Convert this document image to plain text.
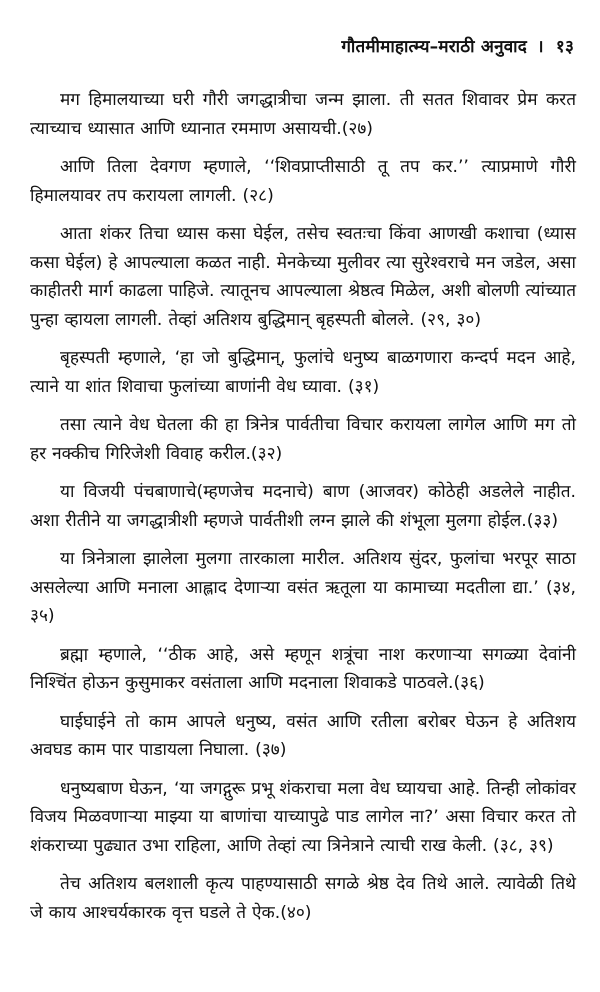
गौतमीमाहात्म्य–मराठी अनुवाद । १३

मग हिमालयाच्या घरी गौरी जगद्धात्रीचा जन्म झाला. ती सतत शिवावर प्रेम करत त्याच्याच ध्यासात आणि ध्यानात रममाण असायची.(२७)

आणि तिला देवगण म्हणाले, ‘‘शिवप्राप्तीसाठी तू तप कर.’’ त्याप्रमाणे गौरी हिमालयावर तप करायला लागली. (२८)

आता शंकर तिचा ध्यास कसा घेईल, तसेच स्वतःचा किंवा आणखी कशाचा (ध्यास कसा घेईल) हे आपल्याला कळत नाही. मेनकेच्या मुलीवर त्या सुरेश्वराचे मन जडेल, असा काहीतरी मार्ग काढला पाहिजे. त्यातूनच आपल्याला श्रेष्ठत्व मिळेल, अशी बोलणी त्यांच्यात पुन्हा व्हायला लागली. तेव्हां अतिशय बुद्धिमान् बृहस्पती बोलले. (२९, ३०)

बृहस्पती म्हणाले, ‘हा जो बुद्धिमान्, फुलांचे धनुष्य बाळगणारा कन्दर्प मदन आहे, त्याने या शांत शिवाचा फुलांच्या बाणांनी वेध घ्यावा. (३१)

तसा त्याने वेध घेतला की हा त्रिनेत्र पार्वतीचा विचार करायला लागेल आणि मग तो हर नक्कीच गिरिजेशी विवाह करील.(३२)

या विजयी पंचबाणाचे(म्हणजेच मदनाचे) बाण (आजवर) कोठेही अडलेले नाहीत. अशा रीतीने या जगद्धात्रीशी म्हणजे पार्वतीशी लग्न झाले की शंभूला मुलगा होईल.(३३)

या त्रिनेत्राला झालेला मुलगा तारकाला मारील. अतिशय सुंदर, फुलांचा भरपूर साठा असलेल्या आणि मनाला आह्लाद देणाऱ्या वसंत ऋतूला या कामाच्या मदतीला द्या.’ (३४, ३५)

ब्रह्मा म्हणाले, ‘‘ठीक आहे, असे म्हणून शत्रूंचा नाश करणाऱ्या सगळ्या देवांनी निश्चिंत होऊन कुसुमाकर वसंताला आणि मदनाला शिवाकडे पाठवले.(३६)

घाईघाईने तो काम आपले धनुष्य, वसंत आणि रतीला बरोबर घेऊन हे अतिशय अवघड काम पार पाडायला निघाला. (३७)

धनुष्यबाण घेऊन, ‘या जगद्गुरू प्रभू शंकराचा मला वेध घ्यायचा आहे. तिन्ही लोकांवर विजय मिळवणाऱ्या माझ्या या बाणांचा याच्यापुढे पाड लागेल ना?’ असा विचार करत तो शंकराच्या पुढ्यात उभा राहिला, आणि तेव्हां त्या त्रिनेत्राने त्याची राख केली. (३८, ३९)

तेच अतिशय बलशाली कृत्य पाहण्यासाठी सगळे श्रेष्ठ देव तिथे आले. त्यावेळी तिथे जे काय आश्चर्यकारक वृत्त घडले ते ऐक.(४०)
